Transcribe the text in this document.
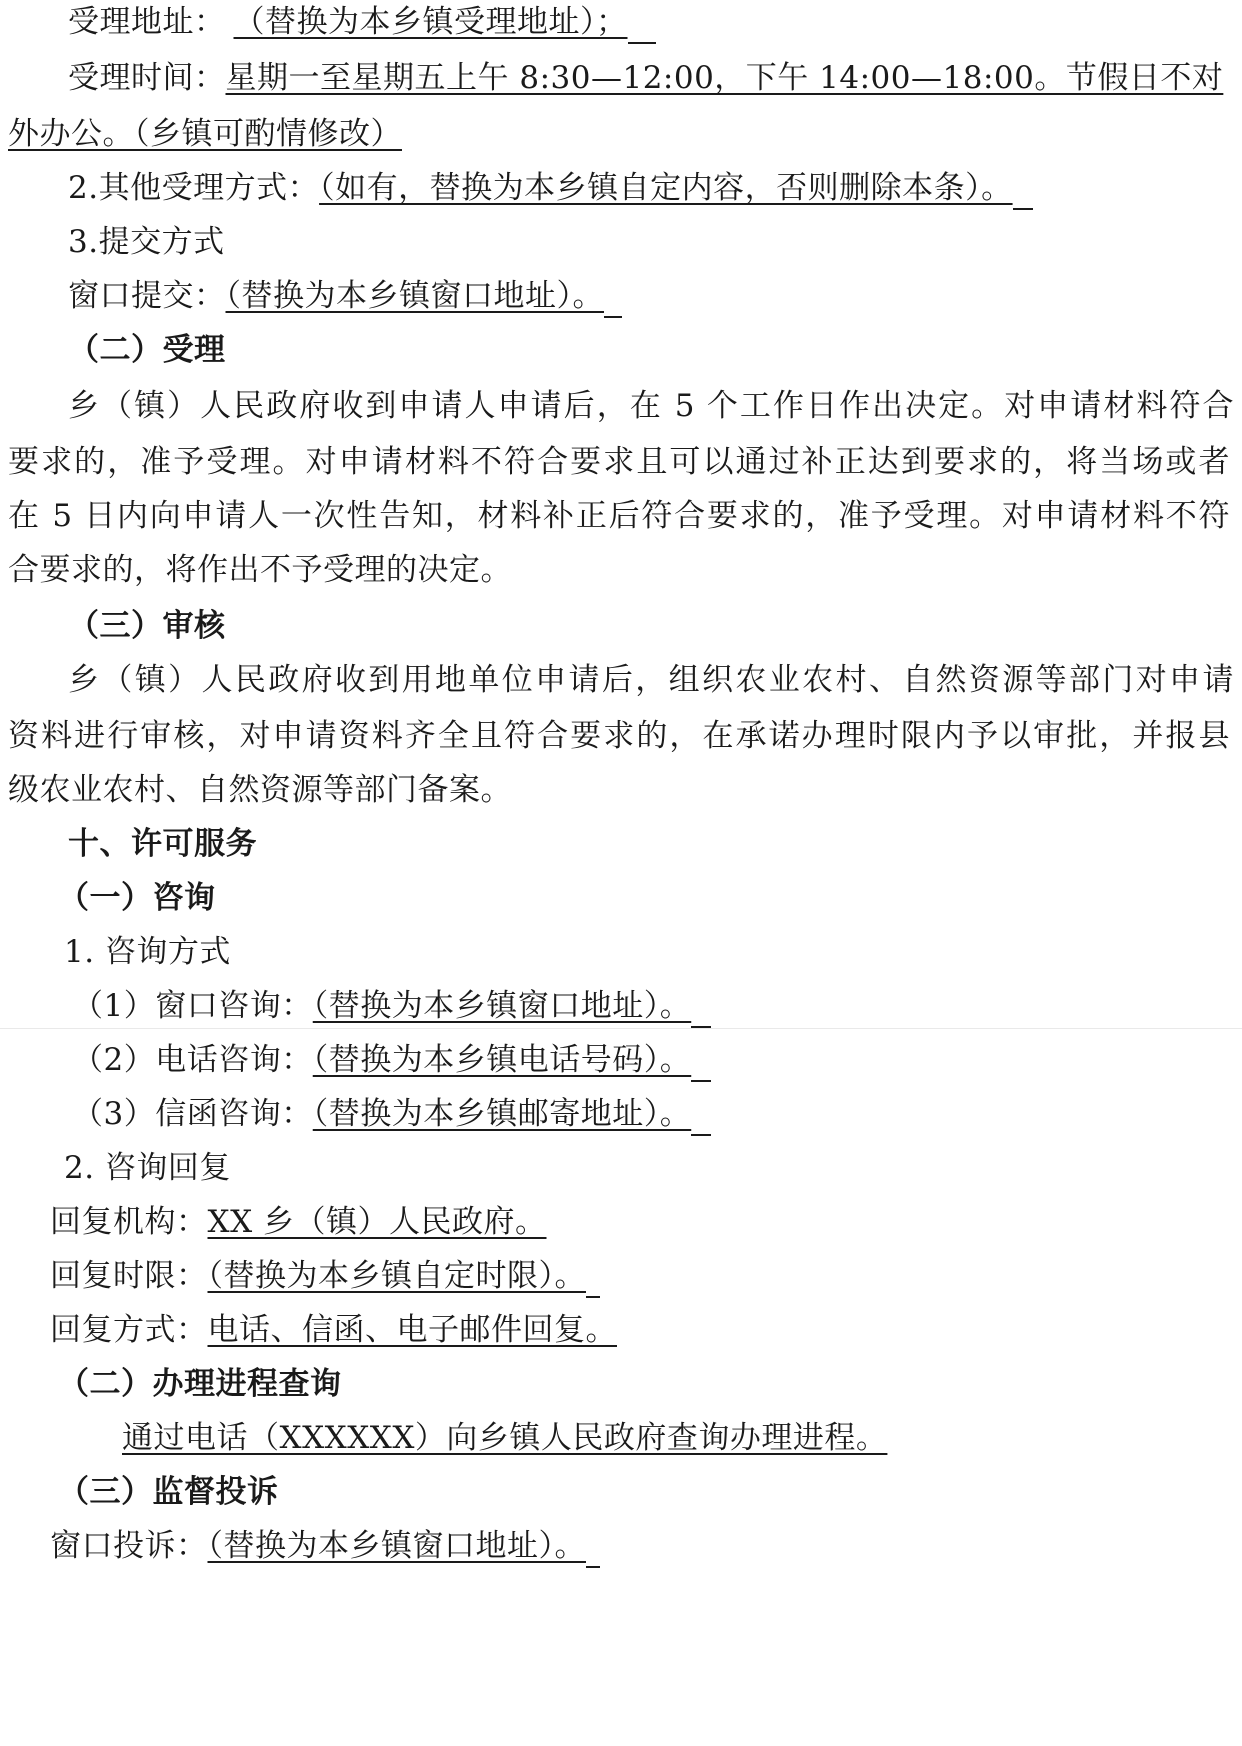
受理地址： （替换为本乡镇受理地址）；
受理时间：星期一至星期五上午 8:30—12:00，下午 14:00—18:00。节假日不对
外办公。（乡镇可酌情修改）
2.其他受理方式：（如有，替换为本乡镇自定内容，否则删除本条）。
3.提交方式
窗口提交：（替换为本乡镇窗口地址）。
（二）受理
乡（镇）人民政府收到申请人申请后，在 5 个工作日作出决定。对申请材料符合
要求的，准予受理。对申请材料不符合要求且可以通过补正达到要求的，将当场或者
在 5 日内向申请人一次性告知，材料补正后符合要求的，准予受理。对申请材料不符
合要求的，将作出不予受理的决定。
（三）审核
乡（镇）人民政府收到用地单位申请后，组织农业农村、自然资源等部门对申请
资料进行审核，对申请资料齐全且符合要求的，在承诺办理时限内予以审批，并报县
级农业农村、自然资源等部门备案。
十、许可服务
（一）咨询
1. 咨询方式
（1）窗口咨询：（替换为本乡镇窗口地址）。
（2）电话咨询：（替换为本乡镇电话号码）。
（3）信函咨询：（替换为本乡镇邮寄地址）。
2. 咨询回复
回复机构：XX 乡（镇）人民政府。
回复时限：（替换为本乡镇自定时限）。
回复方式：电话、信函、电子邮件回复。
（二）办理进程查询
通过电话（XXXXXX）向乡镇人民政府查询办理进程。
（三）监督投诉
窗口投诉：（替换为本乡镇窗口地址）。
